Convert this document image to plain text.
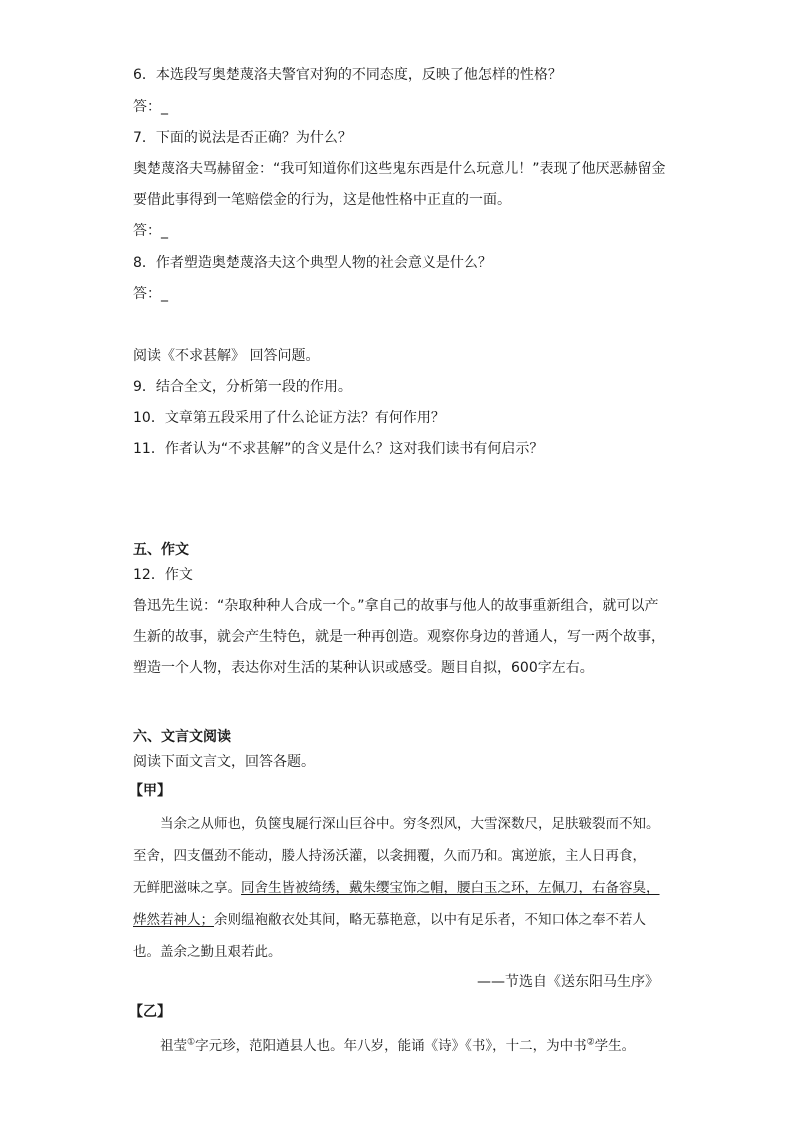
6．本选段写奥楚蔑洛夫警官对狗的不同态度，反映了他怎样的性格？
答：_
7．下面的说法是否正确？为什么？
奥楚蔑洛夫骂赫留金：“我可知道你们这些鬼东西是什么玩意儿！”表现了他厌恶赫留金
要借此事得到一笔赔偿金的行为，这是他性格中正直的一面。
答：_
8．作者塑造奥楚蔑洛夫这个典型人物的社会意义是什么？
答：_
阅读《不求甚解》 回答问题。
9．结合全文，分析第一段的作用。
10．文章第五段采用了什么论证方法？有何作用？
11．作者认为“不求甚解”的含义是什么？这对我们读书有何启示？
五、作文
12．作文
鲁迅先生说：“杂取种种人合成一个。”拿自己的故事与他人的故事重新组合，就可以产
生新的故事，就会产生特色，就是一种再创造。观察你身边的普通人，写一两个故事，
塑造一个人物，表达你对生活的某种认识或感受。题目自拟，600字左右。
六、文言文阅读
阅读下面文言文，回答各题。
【甲】
当余之从师也，负箧曳屣行深山巨谷中。穷冬烈风，大雪深数尺，足肤皲裂而不知。
至舍，四支僵劲不能动，媵人持汤沃灌，以衾拥覆，久而乃和。寓逆旅，主人日再食，
无鲜肥滋味之享。同舍生皆被绮绣，戴朱缨宝饰之帽，腰白玉之环，左佩刀，右备容臭，
烨然若神人；余则缊袍敝衣处其间，略无慕艳意，以中有足乐者，不知口体之奉不若人
也。盖余之勤且艰若此。
——节选自《送东阳马生序》
【乙】
祖莹①字元珍，范阳遒县人也。年八岁，能诵《诗》《书》，十二，为中书②学生。
